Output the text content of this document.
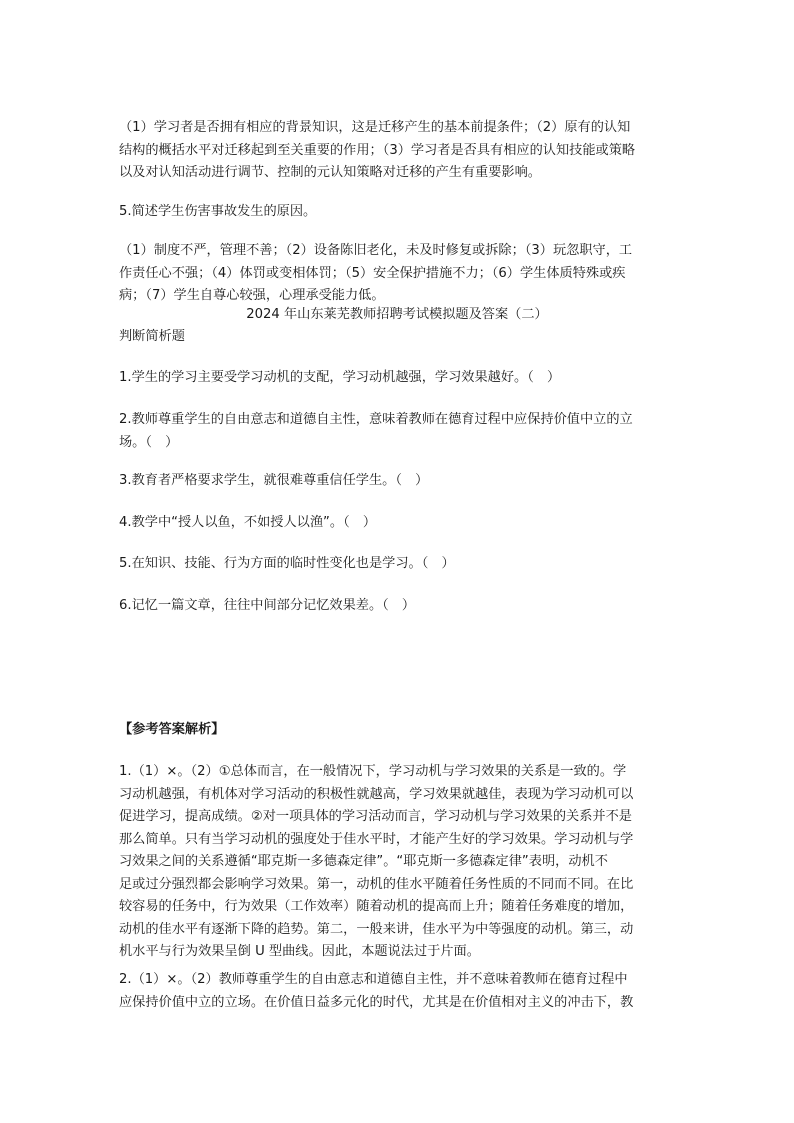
（1）学习者是否拥有相应的背景知识，这是迁移产生的基本前提条件；（2）原有的认知
结构的概括水平对迁移起到至关重要的作用；（3）学习者是否具有相应的认知技能或策略
以及对认知活动进行调节、控制的元认知策略对迁移的产生有重要影响。
5.简述学生伤害事故发生的原因。
（1）制度不严，管理不善；（2）设备陈旧老化，未及时修复或拆除；（3）玩忽职守，工
作责任心不强；（4）体罚或变相体罚；（5）安全保护措施不力；（6）学生体质特殊或疾
病；（7）学生自尊心较强，心理承受能力低。
2024 年山东莱芜教师招聘考试模拟题及答案（二）
判断简析题
1.学生的学习主要受学习动机的支配，学习动机越强，学习效果越好。（　）
2.教师尊重学生的自由意志和道德自主性，意味着教师在德育过程中应保持价值中立的立
场。（　）
3.教育者严格要求学生，就很难尊重信任学生。（　）
4.教学中“授人以鱼，不如授人以渔”。（　）
5.在知识、技能、行为方面的临时性变化也是学习。（　）
6.记忆一篇文章，往往中间部分记忆效果差。（　）
【参考答案解析】
1.（1）×。（2）①总体而言，在一般情况下，学习动机与学习效果的关系是一致的。学
习动机越强，有机体对学习活动的积极性就越高，学习效果就越佳，表现为学习动机可以
促进学习，提高成绩。②对一项具体的学习活动而言，学习动机与学习效果的关系并不是
那么简单。只有当学习动机的强度处于佳水平时，才能产生好的学习效果。学习动机与学
习效果之间的关系遵循“耶克斯一多德森定律”。“耶克斯一多德森定律”表明，动机不
足或过分强烈都会影响学习效果。第一，动机的佳水平随着任务性质的不同而不同。在比
较容易的任务中，行为效果（工作效率）随着动机的提高而上升；随着任务难度的增加，
动机的佳水平有逐渐下降的趋势。第二，一般来讲，佳水平为中等强度的动机。第三，动
机水平与行为效果呈倒 U 型曲线。因此，本题说法过于片面。
2.（1）×。（2）教师尊重学生的自由意志和道德自主性，并不意味着教师在德育过程中
应保持价值中立的立场。在价值日益多元化的时代，尤其是在价值相对主义的冲击下，教
